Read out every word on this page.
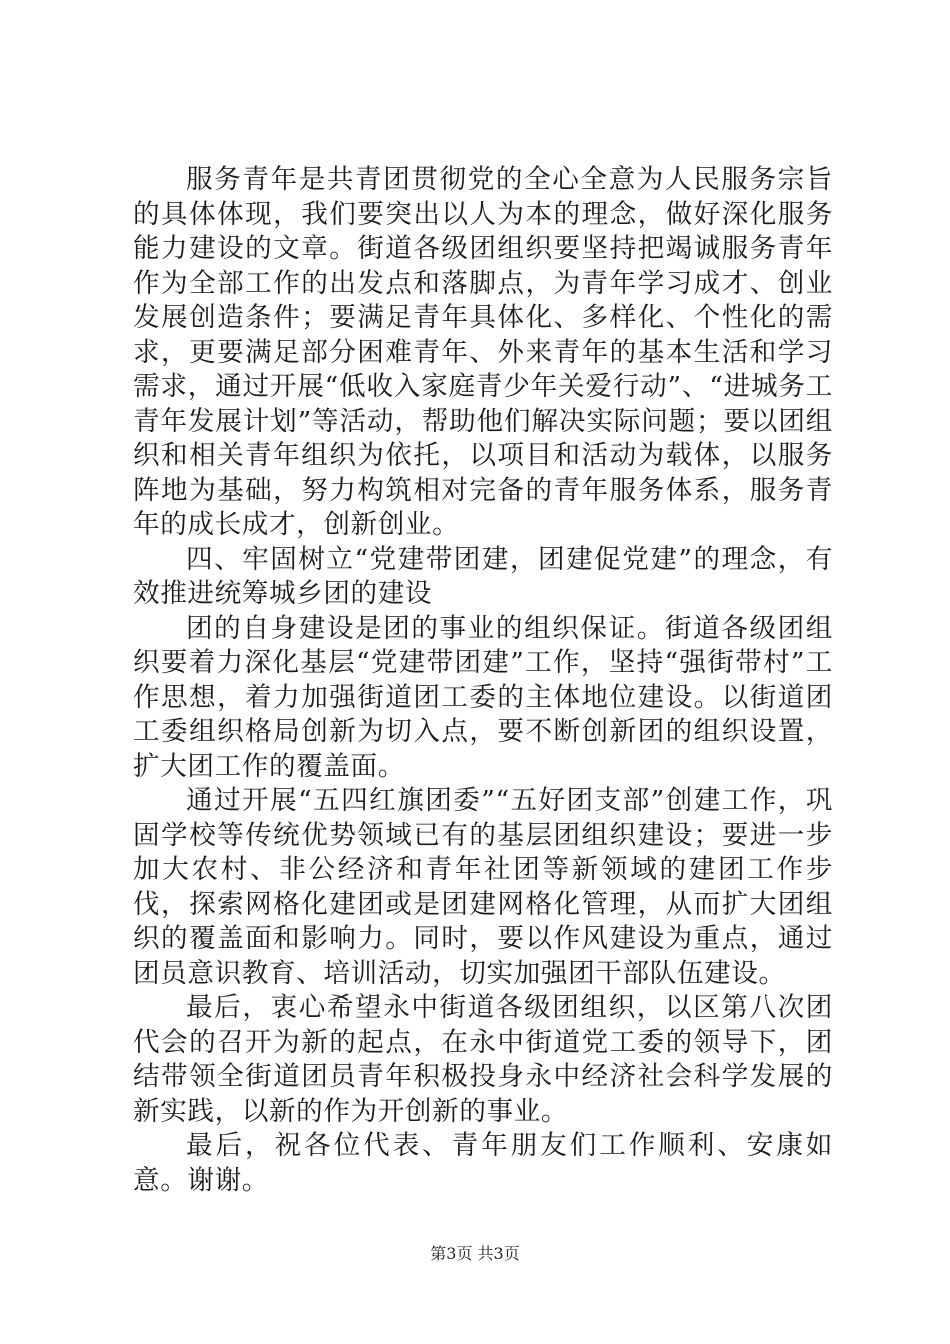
服务青年是共青团贯彻党的全心全意为人民服务宗旨的具体体现，我们要突出以人为本的理念，做好深化服务能力建设的文章。街道各级团组织要坚持把竭诚服务青年作为全部工作的出发点和落脚点，为青年学习成才、创业发展创造条件；要满足青年具体化、多样化、个性化的需求，更要满足部分困难青年、外来青年的基本生活和学习需求，通过开展“低收入家庭青少年关爱行动”、“进城务工青年发展计划”等活动，帮助他们解决实际问题；要以团组织和相关青年组织为依托，以项目和活动为载体，以服务阵地为基础，努力构筑相对完备的青年服务体系，服务青年的成长成才，创新创业。

四、牢固树立“党建带团建，团建促党建”的理念，有效推进统筹城乡团的建设

团的自身建设是团的事业的组织保证。街道各级团组织要着力深化基层“党建带团建”工作，坚持“强街带村”工作思想，着力加强街道团工委的主体地位建设。以街道团工委组织格局创新为切入点，要不断创新团的组织设置，扩大团工作的覆盖面。

通过开展“五四红旗团委”“五好团支部”创建工作，巩固学校等传统优势领域已有的基层团组织建设；要进一步加大农村、非公经济和青年社团等新领域的建团工作步伐，探索网格化建团或是团建网格化管理，从而扩大团组织的覆盖面和影响力。同时，要以作风建设为重点，通过团员意识教育、培训活动，切实加强团干部队伍建设。

最后，衷心希望永中街道各级团组织，以区第八次团代会的召开为新的起点，在永中街道党工委的领导下，团结带领全街道团员青年积极投身永中经济社会科学发展的新实践，以新的作为开创新的事业。

最后，祝各位代表、青年朋友们工作顺利、安康如意。谢谢。

第3页 共3页
